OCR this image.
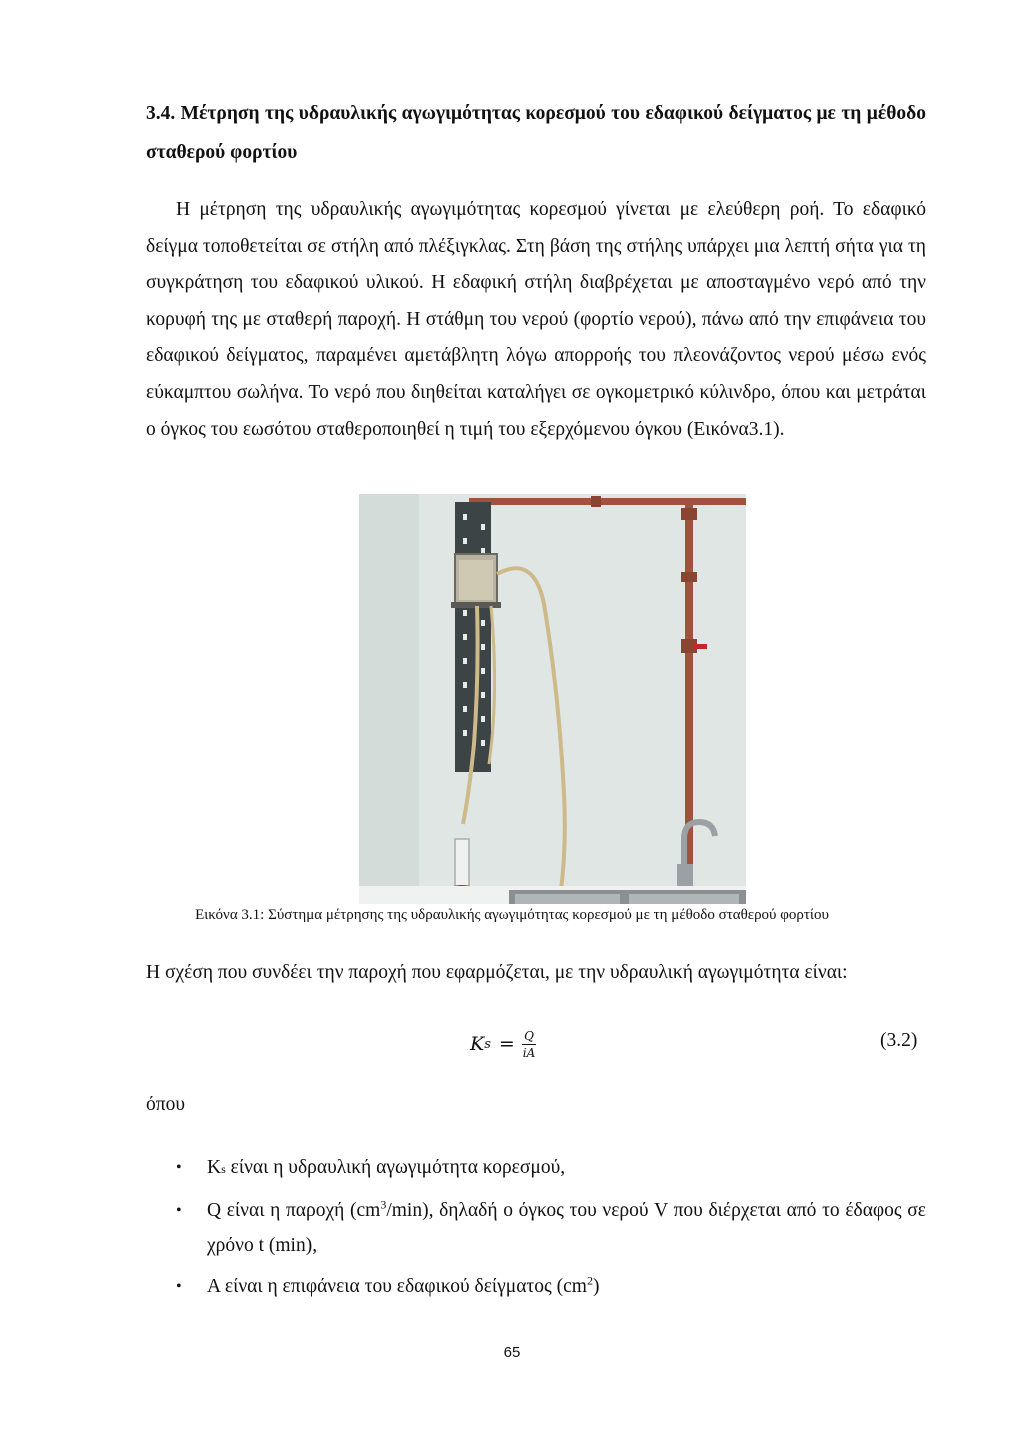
3.4. Μέτρηση της υδραυλικής αγωγιμότητας κορεσμού του εδαφικού δείγματος με τη μέθοδο σταθερού φορτίου
Η μέτρηση της υδραυλικής αγωγιμότητας κορεσμού γίνεται με ελεύθερη ροή. Το εδαφικό δείγμα τοποθετείται σε στήλη από πλέξιγκλας. Στη βάση της στήλης υπάρχει μια λεπτή σήτα για τη συγκράτηση του εδαφικού υλικού. Η εδαφική στήλη διαβρέχεται με αποσταγμένο νερό από την κορυφή της με σταθερή παροχή. Η στάθμη του νερού (φορτίο νερού), πάνω από την επιφάνεια του εδαφικού δείγματος, παραμένει αμετάβλητη λόγω απορροής του πλεονάζοντος νερού μέσω ενός εύκαμπτου σωλήνα. Το νερό που διηθείται καταλήγει σε ογκομετρικό κύλινδρο, όπου και μετράται ο όγκος του εωσότου σταθεροποιηθεί η τιμή του εξερχόμενου όγκου (Εικόνα3.1).
Εικόνα 3.1: Σύστημα μέτρησης της υδραυλικής αγωγιμότητας κορεσμού με τη μέθοδο σταθερού φορτίου
Η σχέση που συνδέει την παροχή που εφαρμόζεται, με την υδραυλική αγωγιμότητα είναι:
K $s = \frac{Q}{iA}$	(3.2)
όπου
• Ks είναι η υδραυλική αγωγιμότητα κορεσμού,
• Q είναι η παροχή $(cm^3/\min)$, δηλαδή ο όγκος του νερού V που διέρχεται από το έδαφος σε χρόνο t (min),
• Α είναι η επιφάνεια του εδαφικού δείγματος $(cm^2)$
65
